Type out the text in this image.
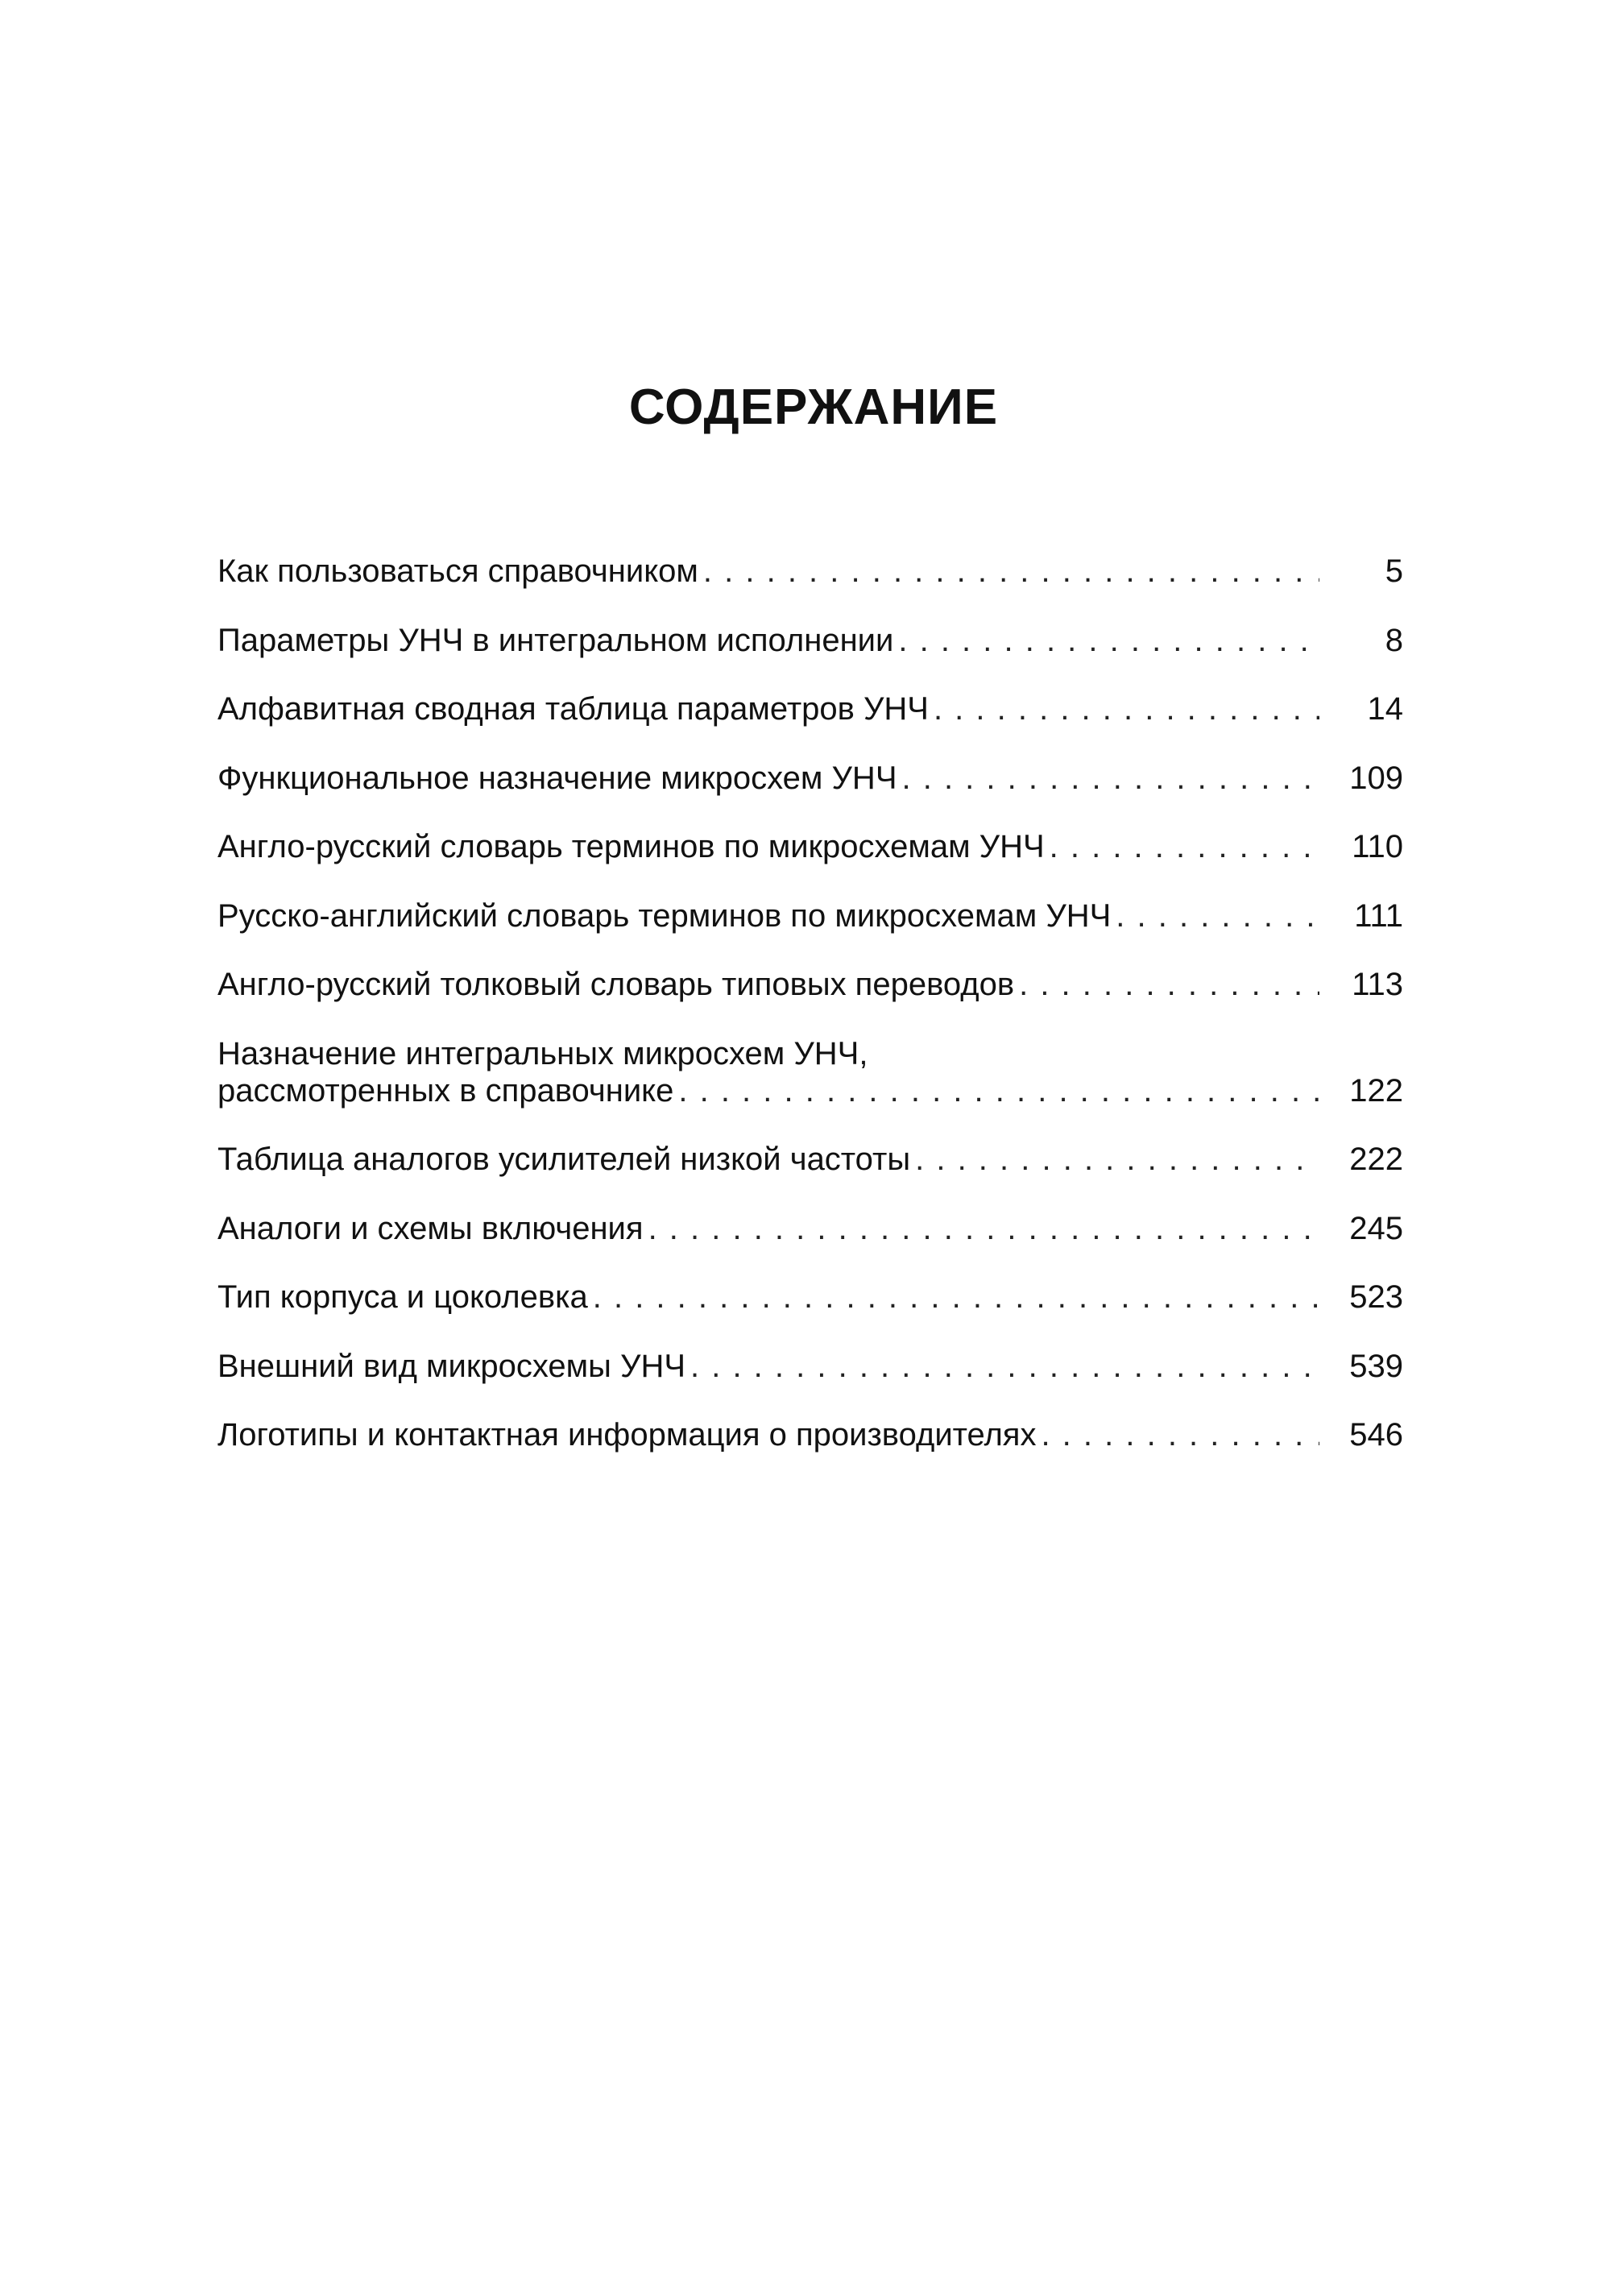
СОДЕРЖАНИЕ
Как пользоваться справочником . . .	5
Параметры УНЧ в интегральном исполнении . . .	8
Алфавитная сводная таблица параметров УНЧ . . .	14
Функциональное назначение микросхем УНЧ . . .	109
Англо-русский словарь терминов по микросхемам УНЧ . . .	110
Русско-английский словарь терминов по микросхемам УНЧ . . .	111
Англо-русский толковый словарь типовых переводов . . .	113
Назначение интегральных микросхем УНЧ,
рассмотренных в справочнике . . .	122
Таблица аналогов усилителей низкой частоты . . .	222
Аналоги и схемы включения . . .	245
Тип корпуса и цоколевка . . .	523
Внешний вид микросхемы УНЧ . . .	539
Логотипы и контактная информация о производителях . . .	546
